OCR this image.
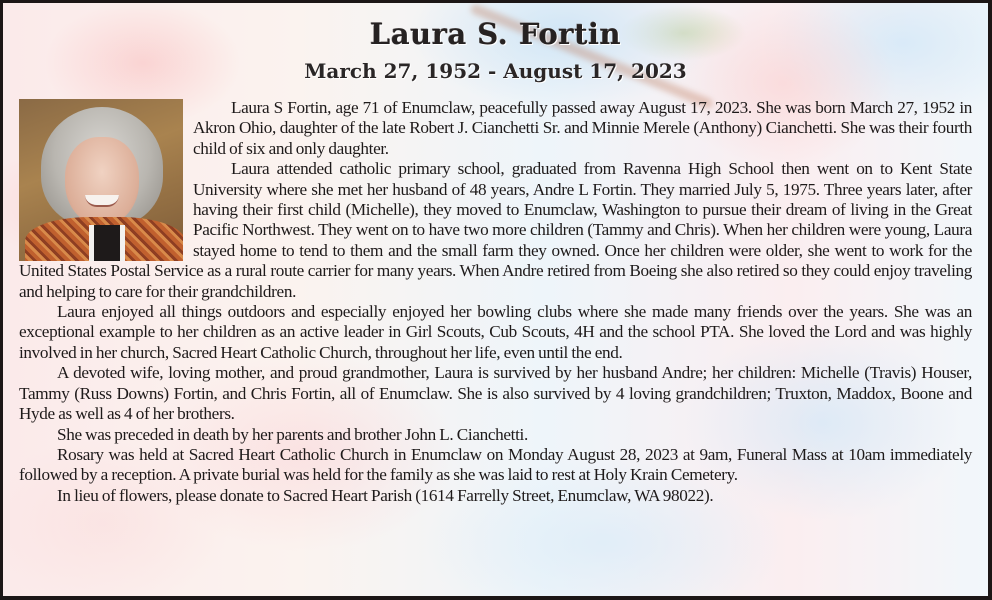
Laura S. Fortin
March 27, 1952 - August 17, 2023

Laura S Fortin, age 71 of Enumclaw, peacefully passed away August 17, 2023. She was born March 27, 1952 in Akron Ohio, daughter of the late Robert J. Cianchetti Sr. and Minnie Merele (Anthony) Cianchetti. She was their fourth child of six and only daughter.

Laura attended catholic primary school, graduated from Ravenna High School then went on to Kent State University where she met her husband of 48 years, Andre L Fortin. They married July 5, 1975. Three years later, after having their first child (Michelle), they moved to Enumclaw, Washington to pursue their dream of living in the Great Pacific Northwest. They went on to have two more children (Tammy and Chris). When her children were young, Laura stayed home to tend to them and the small farm they owned. Once her children were older, she went to work for the United States Postal Service as a rural route carrier for many years. When Andre retired from Boeing she also retired so they could enjoy traveling and helping to care for their grandchildren.

Laura enjoyed all things outdoors and especially enjoyed her bowling clubs where she made many friends over the years. She was an exceptional example to her children as an active leader in Girl Scouts, Cub Scouts, 4H and the school PTA. She loved the Lord and was highly involved in her church, Sacred Heart Catholic Church, throughout her life, even until the end.

A devoted wife, loving mother, and proud grandmother, Laura is survived by her husband Andre; her children: Michelle (Travis) Houser, Tammy (Russ Downs) Fortin, and Chris Fortin, all of Enumclaw. She is also survived by 4 loving grandchildren; Truxton, Maddox, Boone and Hyde as well as 4 of her brothers.

She was preceded in death by her parents and brother John L. Cianchetti.

Rosary was held at Sacred Heart Catholic Church in Enumclaw on Monday August 28, 2023 at 9am, Funeral Mass at 10am immediately followed by a reception. A private burial was held for the family as she was laid to rest at Holy Krain Cemetery.

In lieu of flowers, please donate to Sacred Heart Parish (1614 Farrelly Street, Enumclaw, WA 98022).
